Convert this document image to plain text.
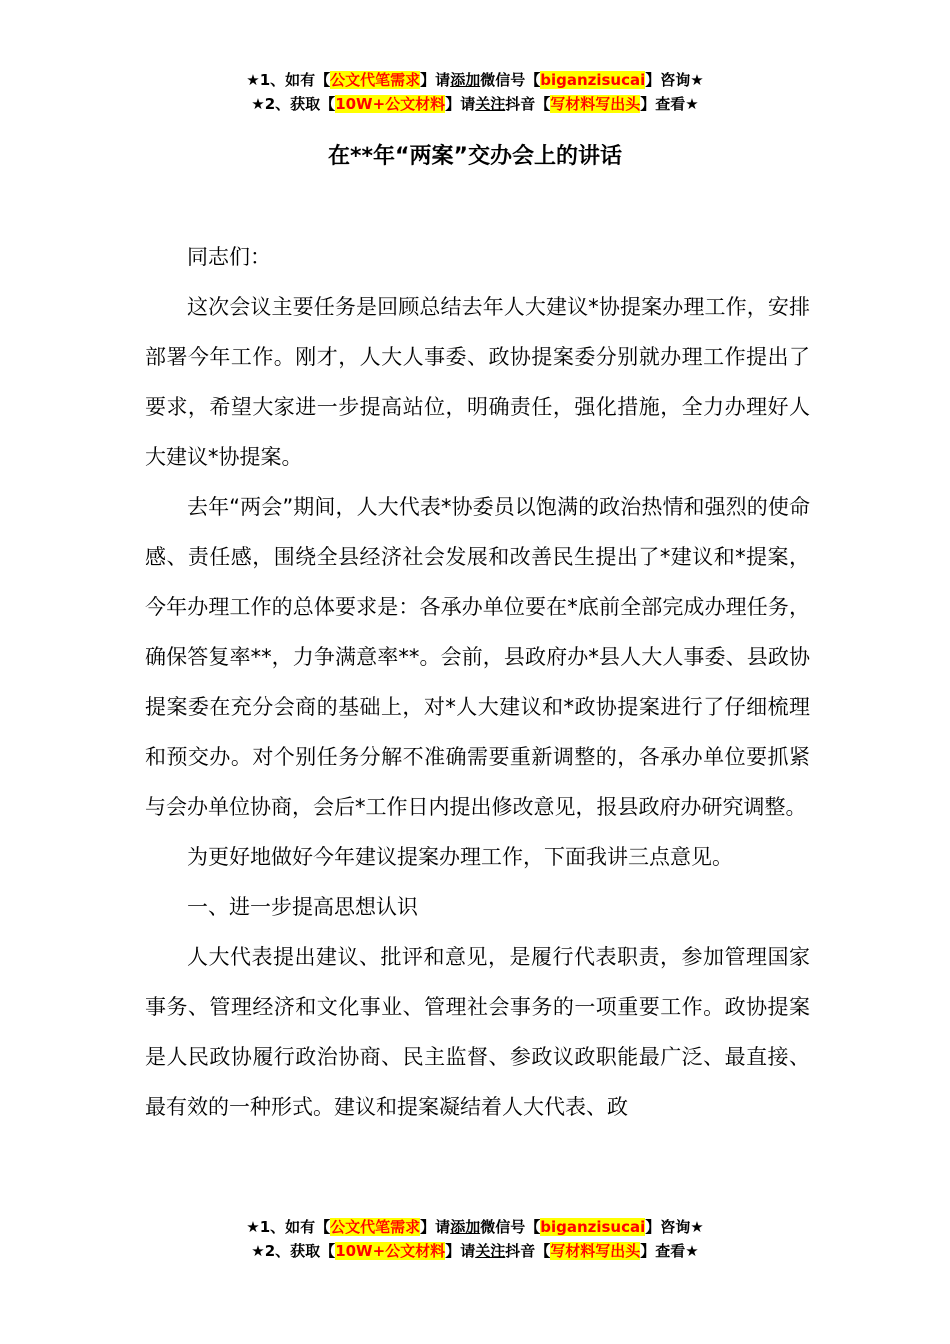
★1、如有【公文代笔需求】请添加微信号【biganzisucai】咨询★
★2、获取【10W+公文材料】请关注抖音【写材料写出头】查看★
在**年“两案”交办会上的讲话

同志们：

这次会议主要任务是回顾总结去年人大建议*协提案办理工作，安排部署今年工作。刚才，人大人事委、政协提案委分别就办理工作提出了要求，希望大家进一步提高站位，明确责任，强化措施，全力办理好人大建议*协提案。

去年“两会”期间，人大代表*协委员以饱满的政治热情和强烈的使命感、责任感，围绕全县经济社会发展和改善民生提出了*建议和*提案，今年办理工作的总体要求是：各承办单位要在*底前全部完成办理任务，确保答复率**，力争满意率**。会前，县政府办*县人大人事委、县政协提案委在充分会商的基础上，对*人大建议和*政协提案进行了仔细梳理和预交办。对个别任务分解不准确需要重新调整的，各承办单位要抓紧与会办单位协商，会后*工作日内提出修改意见，报县政府办研究调整。

为更好地做好今年建议提案办理工作，下面我讲三点意见。

一、进一步提高思想认识

人大代表提出建议、批评和意见，是履行代表职责，参加管理国家事务、管理经济和文化事业、管理社会事务的一项重要工作。政协提案是人民政协履行政治协商、民主监督、参政议政职能最广泛、最直接、最有效的一种形式。建议和提案凝结着人大代表、政

★1、如有【公文代笔需求】请添加微信号【biganzisucai】咨询★
★2、获取【10W+公文材料】请关注抖音【写材料写出头】查看★
